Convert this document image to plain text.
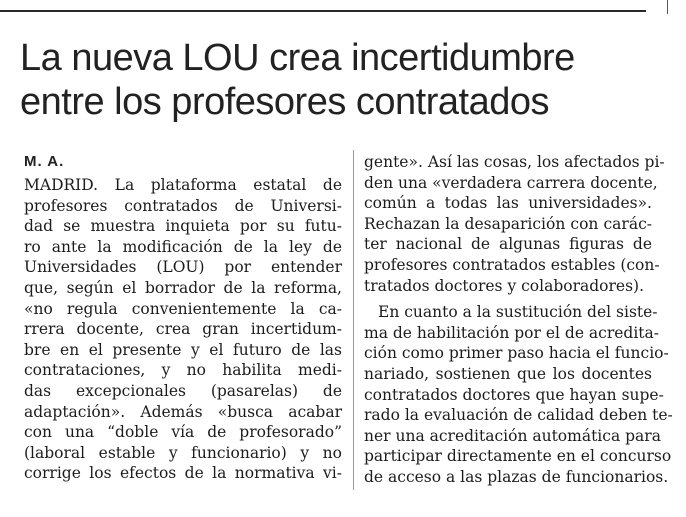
La nueva LOU crea incertidumbre
entre los profesores contratados
M. A.
MADRID. La plataforma estatal de
profesores contratados de Universi-
dad se muestra inquieta por su futu-
ro ante la modificación de la ley de
Universidades (LOU) por entender
que, según el borrador de la reforma,
«no regula convenientemente la ca-
rrera docente, crea gran incertidum-
bre en el presente y el futuro de las
contrataciones, y no habilita medi-
das excepcionales (pasarelas) de
adaptación». Además «busca acabar
con una “doble vía de profesorado”
(laboral estable y funcionario) y no
corrige los efectos de la normativa vi-
gente». Así las cosas, los afectados pi-
den una «verdadera carrera docente,
común a todas las universidades».
Rechazan la desaparición con carác-
ter nacional de algunas figuras de
profesores contratados estables (con-
tratados doctores y colaboradores).
En cuanto a la sustitución del siste-
ma de habilitación por el de acredita-
ción como primer paso hacia el funcio-
nariado, sostienen que los docentes
contratados doctores que hayan supe-
rado la evaluación de calidad deben te-
ner una acreditación automática para
participar directamente en el concurso
de acceso a las plazas de funcionarios.
